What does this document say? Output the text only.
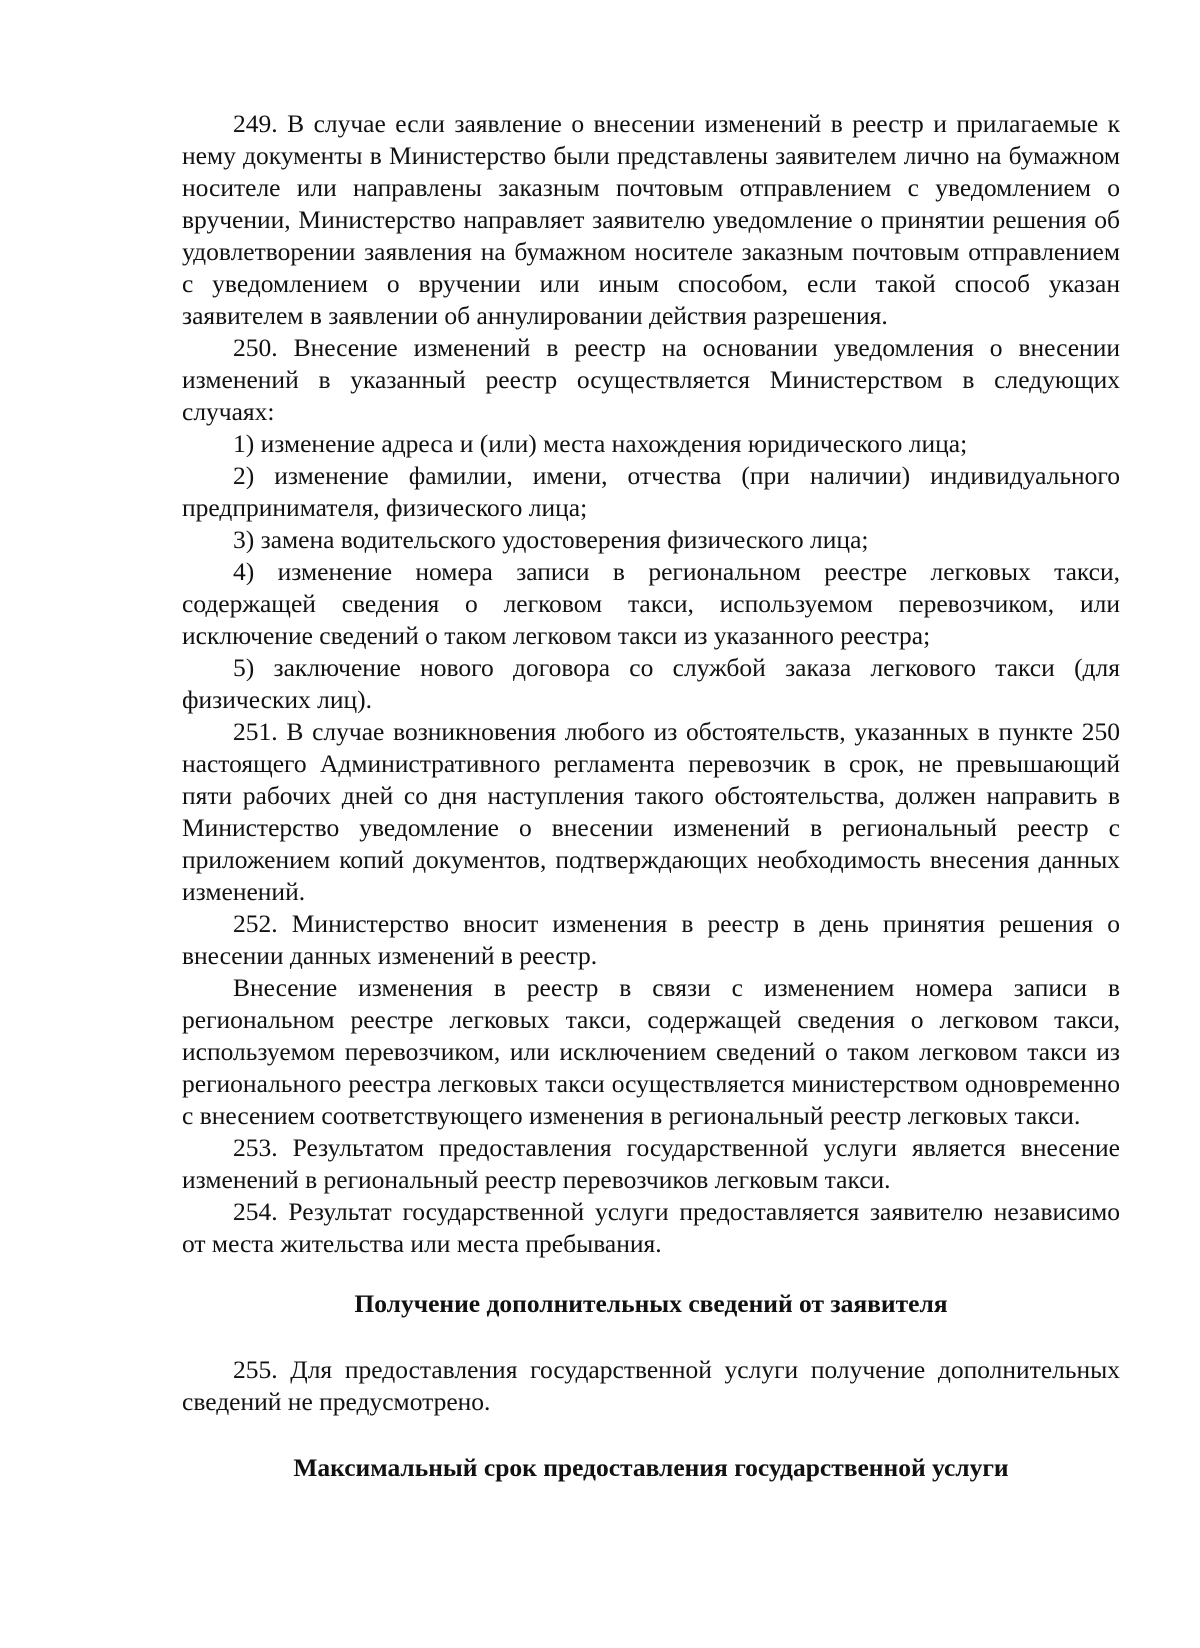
249. В случае если заявление о внесении изменений в реестр и прилагаемые к нему документы в Министерство были представлены заявителем лично на бумажном носителе или направлены заказным почтовым отправлением с уведомлением о вручении, Министерство направляет заявителю уведомление о принятии решения об удовлетворении заявления на бумажном носителе заказным почтовым отправлением с уведомлением о вручении или иным способом, если такой способ указан заявителем в заявлении об аннулировании действия разрешения.

250. Внесение изменений в реестр на основании уведомления о внесении изменений в указанный реестр осуществляется Министерством в следующих случаях:

1) изменение адреса и (или) места нахождения юридического лица;

2) изменение фамилии, имени, отчества (при наличии) индивидуального предпринимателя, физического лица;

3) замена водительского удостоверения физического лица;

4) изменение номера записи в региональном реестре легковых такси, содержащей сведения о легковом такси, используемом перевозчиком, или исключение сведений о таком легковом такси из указанного реестра;

5) заключение нового договора со службой заказа легкового такси (для физических лиц).

251. В случае возникновения любого из обстоятельств, указанных в пункте 250 настоящего Административного регламента перевозчик в срок, не превышающий пяти рабочих дней со дня наступления такого обстоятельства, должен направить в Министерство уведомление о внесении изменений в региональный реестр с приложением копий документов, подтверждающих необходимость внесения данных изменений.

252. Министерство вносит изменения в реестр в день принятия решения о внесении данных изменений в реестр.

Внесение изменения в реестр в связи с изменением номера записи в региональном реестре легковых такси, содержащей сведения о легковом такси, используемом перевозчиком, или исключением сведений о таком легковом такси из регионального реестра легковых такси осуществляется министерством одновременно с внесением соответствующего изменения в региональный реестр легковых такси.

253. Результатом предоставления государственной услуги является внесение изменений в региональный реестр перевозчиков легковым такси.

254. Результат государственной услуги предоставляется заявителю независимо от места жительства или места пребывания.

Получение дополнительных сведений от заявителя

255. Для предоставления государственной услуги получение дополнительных сведений не предусмотрено.

Максимальный срок предоставления государственной услуги
